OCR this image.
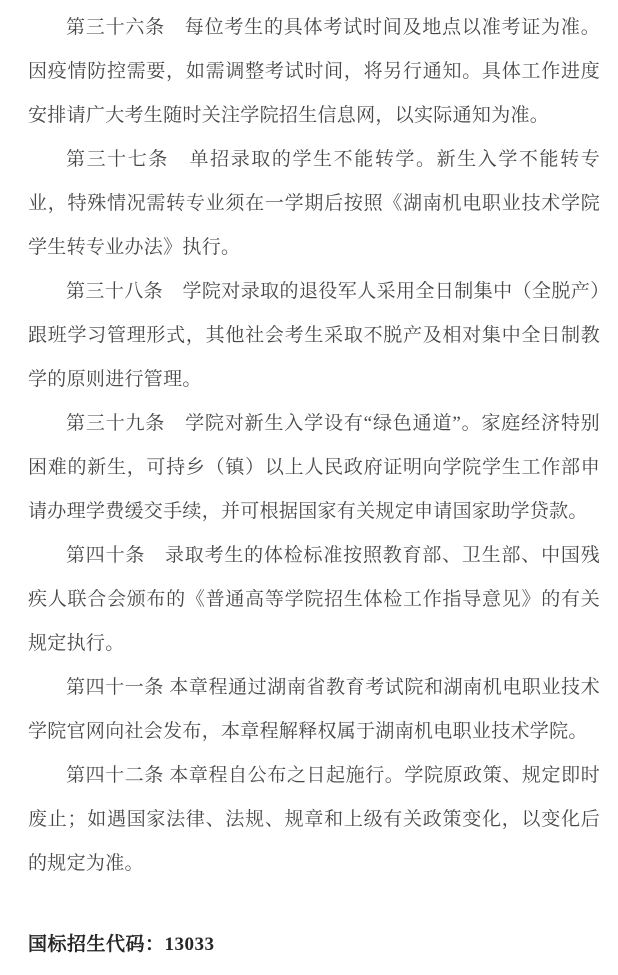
第三十六条　每位考生的具体考试时间及地点以准考证为准。因疫情防控需要，如需调整考试时间，将另行通知。具体工作进度安排请广大考生随时关注学院招生信息网，以实际通知为准。

第三十七条　单招录取的学生不能转学。新生入学不能转专业，特殊情况需转专业须在一学期后按照《湖南机电职业技术学院学生转专业办法》执行。

第三十八条　学院对录取的退役军人采用全日制集中（全脱产）跟班学习管理形式，其他社会考生采取不脱产及相对集中全日制教学的原则进行管理。

第三十九条　学院对新生入学设有“绿色通道”。家庭经济特别困难的新生，可持乡（镇）以上人民政府证明向学院学生工作部申请办理学费缓交手续，并可根据国家有关规定申请国家助学贷款。

第四十条　录取考生的体检标准按照教育部、卫生部、中国残疾人联合会颁布的《普通高等学院招生体检工作指导意见》的有关规定执行。

第四十一条 本章程通过湖南省教育考试院和湖南机电职业技术学院官网向社会发布，本章程解释权属于湖南机电职业技术学院。

第四十二条 本章程自公布之日起施行。学院原政策、规定即时废止；如遇国家法律、法规、规章和上级有关政策变化，以变化后的规定为准。

国标招生代码：13033
